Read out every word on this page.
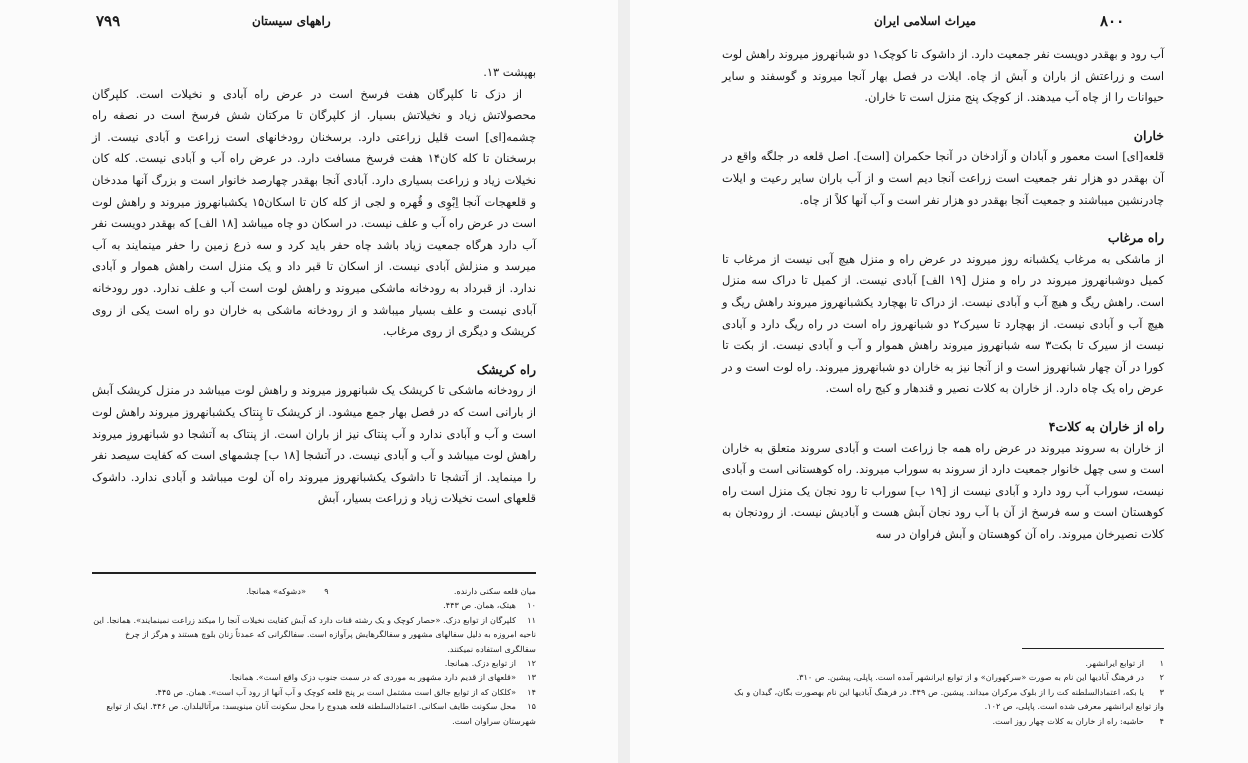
۷۹۹	راههای سیستان

بهپشت ۱۳.

از دزک تا کلپرگان هفت فرسخ است در عرض راه آبادی و نخیلات است. کلپرگان محصولاتش زیاد و نخیلاتش بسیار. از کلپرگان تا مرکتان شش فرسخ است در نصفه راه چشمه[ای] است قلیل زراعتی دارد. برسخنان رودخانهای است زراعت و آبادی نیست. از برسخنان تا کله کان۱۴ هفت فرسخ مسافت دارد. در عرض راه آب و آبادی نیست. کله کان نخیلات زیاد و زراعت بسیاری دارد. آبادی آنجا بهقدر چهارصد خانوار است و بزرگ آنها مددخان و قلعهجات آنجا اِبْوِی و قُهره و لجی از کله کان تا اسکان۱۵ یکشبانهروز میروند و راهش لوت است در عرض راه آب و علف نیست. در اسکان دو چاه میباشد [۱۸ الف] که بهقدر دویست نفر آب دارد هرگاه جمعیت زیاد باشد چاه حفر باید کرد و سه ذرع زمین را حفر مینمایند به آب میرسد و منزلش آبادی نیست. از اسکان تا قبر داد و یک منزل است راهش هموار و آبادی ندارد. از قبرداد به رودخانه ماشکی میروند و راهش لوت است آب و علف ندارد. دور رودخانه آبادی نیست و علف بسیار میباشد و از رودخانه ماشکی به خاران دو راه است یکی از روی کریشک و دیگری از روی مرغاب.

راه کریشک

از رودخانه ماشکی تا کریشک یک شبانهروز میروند و راهش لوت میباشد در منزل کریشک آبش از بارانی است که در فصل بهار جمع میشود. از کریشک تا پِنتاک یکشبانهروز میروند راهش لوت است و آب و آبادی ندارد و آب پنتاک نیز از باران است. از پنتاک به آتشجا دو شبانهروز میروند راهش لوت میباشد و آب و آبادی نیست. در آتشجا [۱۸ ب] چشمهای است که کفایت سیصد نفر را مینماید. از آتشجا تا داشوک یکشبانهروز میروند راه آن لوت میباشد و آبادی ندارد. داشوک قلعهای است نخیلات زیاد و زراعت بسیار، آبش

میان قلعه سکنی دارنده.  ۹ «دشوکه» همانجا.

۱۰هیتک، همان. ص ۴۴۳.

۱۱کلپرگان از توابع دزک. «حصار کوچک و یک رشته قنات دارد که آبش کفایت نخیلات آنجا را میکند زراعت نمینمایند». همانجا. این ناحیه امروزه به دلیل سفالهای مشهور و سفالگرهایش پرآوازه است. سفالگرانی که عمدتاً زنان بلوچ هستند و هرگز از چرخ سفالگری استفاده نمیکنند.

۱۲از توابع دزک. همانجا.

۱۳«قلعهای از قدیم دارد مشهور به موردی که در سمت جنوب دزک واقع است». همانجا.

۱۴«کلکان که از توابع جالق است مشتمل است بر پنج قلعه کوچک و آب آنها از رود آب است». همان. ص ۴۴۵.

۱۵محل سکونت طایف اسکانی. اعتمادالسلطنه قلعه هیدوج را محل سکونت آنان مینویسد: مرآتالبلدان. ص ۴۴۶. اینک از توابع شهرستان سراوان است.

۸۰۰
میراث اسلامی ایران

آب رود و بهقدر دویست نفر جمعیت دارد. از داشوک تا کوچک۱ دو شبانهروز میروند راهش لوت است و زراعتش از باران و آبش از چاه. ایلات در فصل بهار آنجا میروند و گوسفند و سایر حیوانات را از چاه آب میدهند. از کوچک پنج منزل است تا خاران.

خاران

قلعه[ای] است معمور و آبادان و آزادخان در آنجا حکمران [است]. اصل قلعه در جلگه واقع در آن بهقدر دو هزار نفر جمعیت است زراعت آنجا دیم است و از آب باران سایر رعیت و ایلات چادرنشین میباشند و جمعیت آنجا بهقدر دو هزار نفر است و آب آنها کلاً از چاه.

راه مرغاب

از ماشکی به مرغاب یکشبانه روز میروند در عرض راه و منزل هیچ آبی نیست از مرغاب تا کمیل دوشبانهروز میروند در راه و منزل [۱۹ الف] آبادی نیست. از کمیل تا دراک سه منزل است. راهش ریگ و هیچ آب و آبادی نیست. از دراک تا بهچارد یکشبانهروز میروند راهش ریگ و هیچ آب و آبادی نیست. از بهچارد تا سیرک۲ دو شبانهروز راه است در راه ریگ دارد و آبادی نیست از سیرک تا بکت۳ سه شبانهروز میروند راهش هموار و آب و آبادی نیست. از بکت تا کورا در آن چهار شبانهروز است و از آنجا نیز به خاران دو شبانهروز میروند. راه لوت است و در عرض راه یک چاه دارد. از خاران به کلات نصیر و قندهار و کیج راه است.

راه از خاران به کلات۴

از خاران به سروند میروند در عرض راه همه جا زراعت است و آبادی سروند متعلق به خاران است و سی چهل خانوار جمعیت دارد از سروند به سوراب میروند. راه کوهستانی است و آبادی نیست، سوراب آب رود دارد و آبادی نیست از [۱۹ ب] سوراب تا رود نجان یک منزل است راه کوهستان است و سه فرسخ از آن با آب رود نجان آبش هست و آبادیش نیست. از رودنجان به کلات نصیرخان میروند. راه آن کوهستان و آبش فراوان در سه

۱از توابع ایرانشهر.

۲در فرهنگ آبادیها این نام به صورت «سرکهوران» و از توابع ایرانشهر آمده است. پاپلی، پیشین. ص ۳۱۰.

۳یا بکه، اعتمادالسلطنه کت را از بلوک مرکران میداند. پیشین. ص ۴۴۹. در فرهنگ آبادیها این نام بهصورت بگان، گیدان و بک واز توابع ایرانشهر معرفی شده است. پاپلی، ص ۱۰۲.

۴حاشیه: راه از خاران به کلات چهار روز است.
